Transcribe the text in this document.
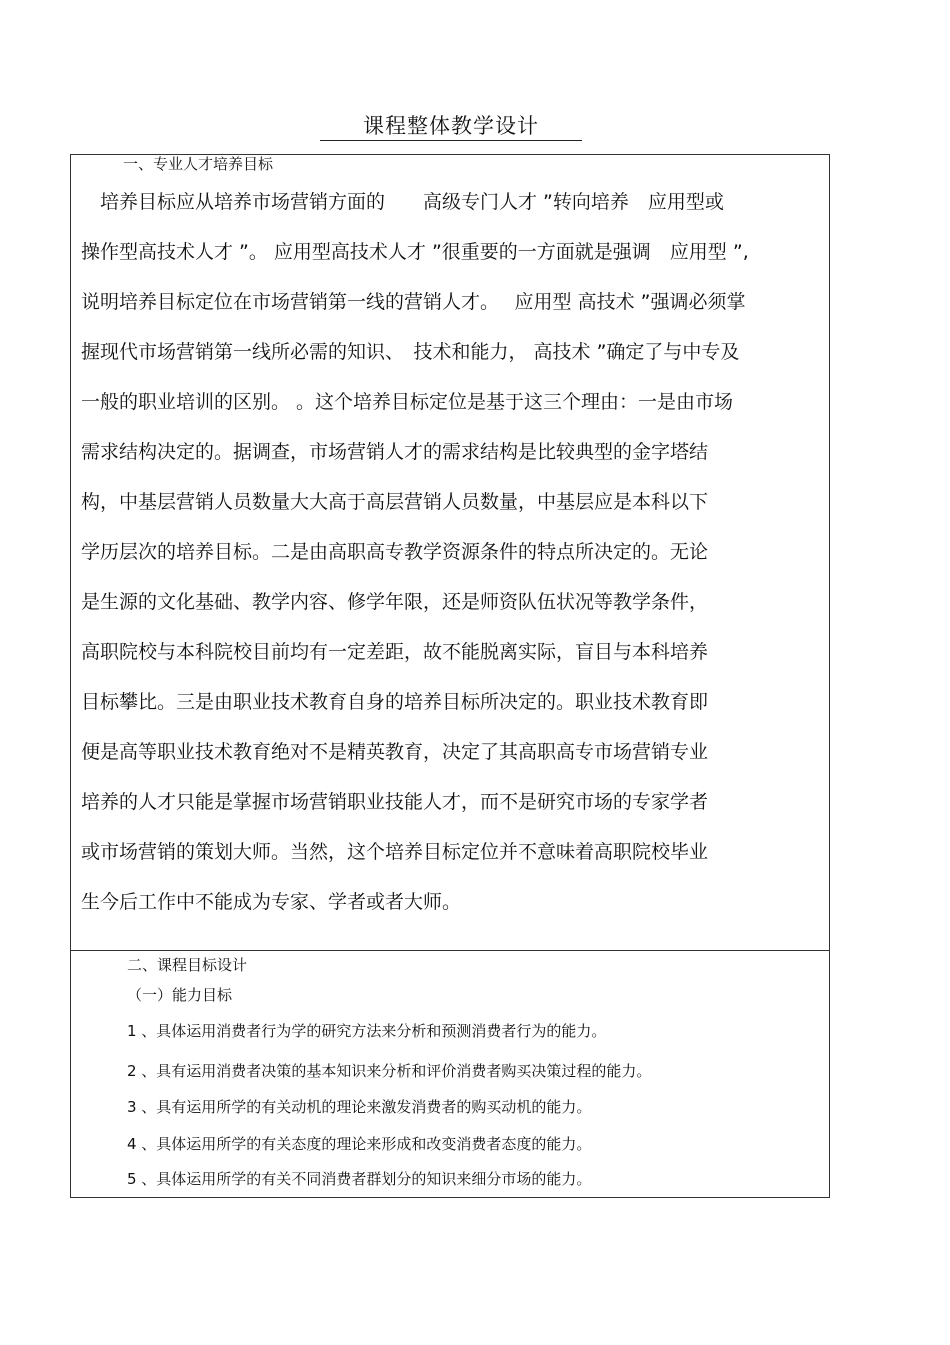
课程整体教学设计
一、专业人才培养目标
　培养目标应从培养市场营销方面的　　高级专门人才 ”转向培养　应用型或
操作型高技术人才 ”。 应用型高技术人才 ”很重要的一方面就是强调　应用型 ”,
说明培养目标定位在市场营销第一线的营销人才。　 应用型 高技术 ”强调必须掌
握现代市场营销第一线所必需的知识、　技术和能力， 高技术 ”确定了与中专及
一般的职业培训的区别。 。这个培养目标定位是基于这三个理由：一是由市场
需求结构决定的。据调查，市场营销人才的需求结构是比较典型的金字塔结
构，中基层营销人员数量大大高于高层营销人员数量，中基层应是本科以下
学历层次的培养目标。二是由高职高专教学资源条件的特点所决定的。无论
是生源的文化基础、教学内容、修学年限，还是师资队伍状况等教学条件，
高职院校与本科院校目前均有一定差距，故不能脱离实际，盲目与本科培养
目标攀比。三是由职业技术教育自身的培养目标所决定的。职业技术教育即
便是高等职业技术教育绝对不是精英教育，决定了其高职高专市场营销专业
培养的人才只能是掌握市场营销职业技能人才，而不是研究市场的专家学者
或市场营销的策划大师。当然，这个培养目标定位并不意味着高职院校毕业
生今后工作中不能成为专家、学者或者大师。
二、课程目标设计
（一）能力目标
1 、具体运用消费者行为学的研究方法来分析和预测消费者行为的能力。
2 、具有运用消费者决策的基本知识来分析和评价消费者购买决策过程的能力。
3 、具有运用所学的有关动机的理论来激发消费者的购买动机的能力。
4 、具体运用所学的有关态度的理论来形成和改变消费者态度的能力。
5 、具体运用所学的有关不同消费者群划分的知识来细分市场的能力。
